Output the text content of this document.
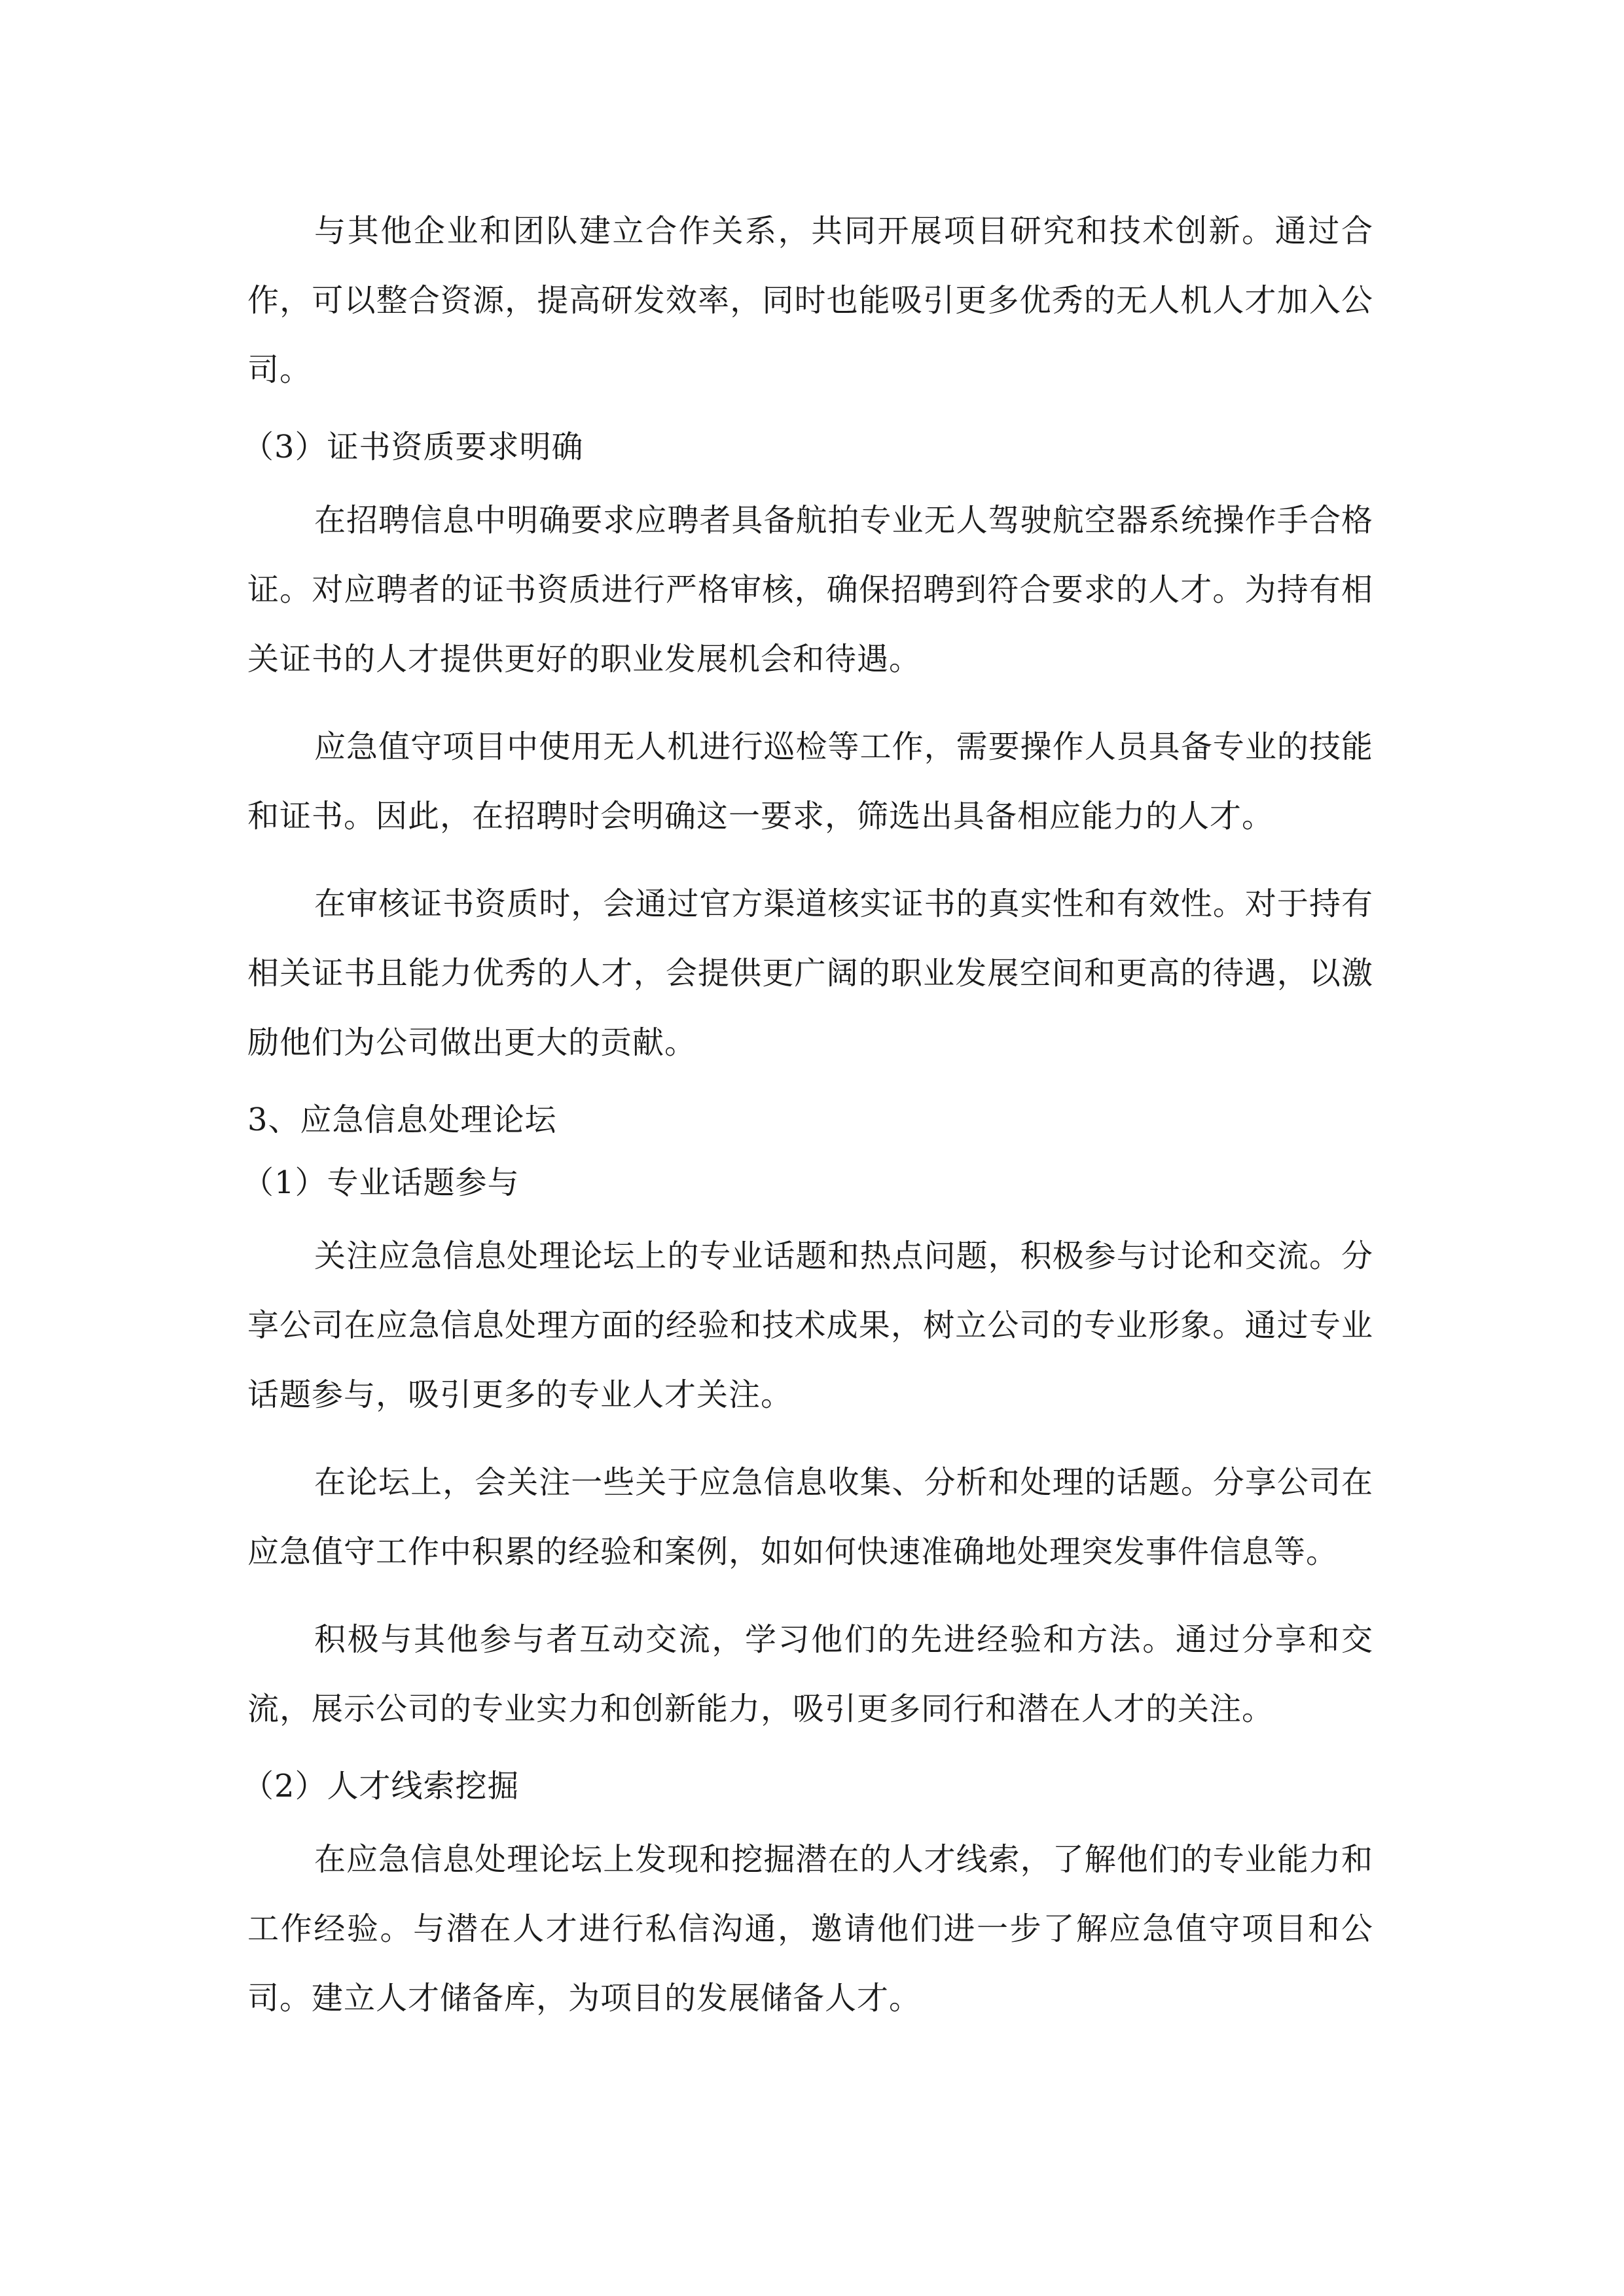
与其他企业和团队建立合作关系，共同开展项目研究和技术创新。通过合作，可以整合资源，提高研发效率，同时也能吸引更多优秀的无人机人才加入公司。

（3）证书资质要求明确

在招聘信息中明确要求应聘者具备航拍专业无人驾驶航空器系统操作手合格证。对应聘者的证书资质进行严格审核，确保招聘到符合要求的人才。为持有相关证书的人才提供更好的职业发展机会和待遇。

应急值守项目中使用无人机进行巡检等工作，需要操作人员具备专业的技能和证书。因此，在招聘时会明确这一要求，筛选出具备相应能力的人才。

在审核证书资质时，会通过官方渠道核实证书的真实性和有效性。对于持有相关证书且能力优秀的人才，会提供更广阔的职业发展空间和更高的待遇，以激励他们为公司做出更大的贡献。

3、应急信息处理论坛

（1）专业话题参与

关注应急信息处理论坛上的专业话题和热点问题，积极参与讨论和交流。分享公司在应急信息处理方面的经验和技术成果，树立公司的专业形象。通过专业话题参与，吸引更多的专业人才关注。

在论坛上，会关注一些关于应急信息收集、分析和处理的话题。分享公司在应急值守工作中积累的经验和案例，如如何快速准确地处理突发事件信息等。

积极与其他参与者互动交流，学习他们的先进经验和方法。通过分享和交流，展示公司的专业实力和创新能力，吸引更多同行和潜在人才的关注。

（2）人才线索挖掘

在应急信息处理论坛上发现和挖掘潜在的人才线索，了解他们的专业能力和工作经验。与潜在人才进行私信沟通，邀请他们进一步了解应急值守项目和公司。建立人才储备库，为项目的发展储备人才。
